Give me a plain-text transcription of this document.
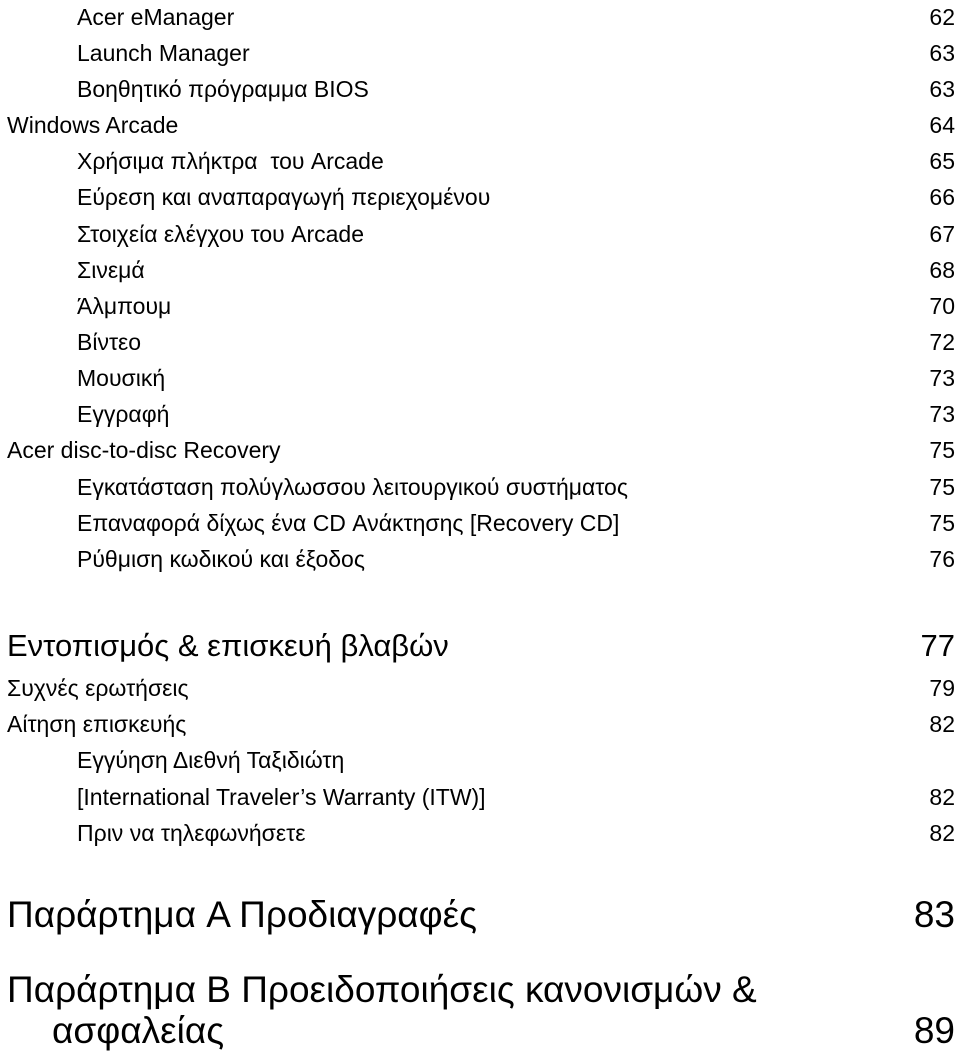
Acer eManager	62
Launch Manager	63
Βοηθητικό πρόγραμμα BIOS	63
Windows Arcade	64
Χρήσιμα πλήκτρα  του Arcade	65
Εύρεση και αναπαραγωγή περιεχομένου	66
Στοιχεία ελέγχου του Arcade	67
Σινεμά	68
Άλμπουμ	70
Βίντεο	72
Μουσική	73
Εγγραφή	73
Acer disc-to-disc Recovery	75
Εγκατάσταση πολύγλωσσου λειτουργικού συστήματος	75
Επαναφορά δίχως ένα CD Ανάκτησης [Recovery CD]	75
Ρύθμιση κωδικού και έξοδος	76
Εντοπισμός & επισκευή βλαβών	77
Συχνές ερωτήσεις	79
Αίτηση επισκευής	82
Εγγύηση Διεθνή Ταξιδιώτη
[International Traveler’s Warranty (ITW)]	82
Πριν να τηλεφωνήσετε	82
Παράρτημα A Προδιαγραφές	83
Παράρτημα B Προειδοποιήσεις κανονισμών &
ασφαλείας	89
